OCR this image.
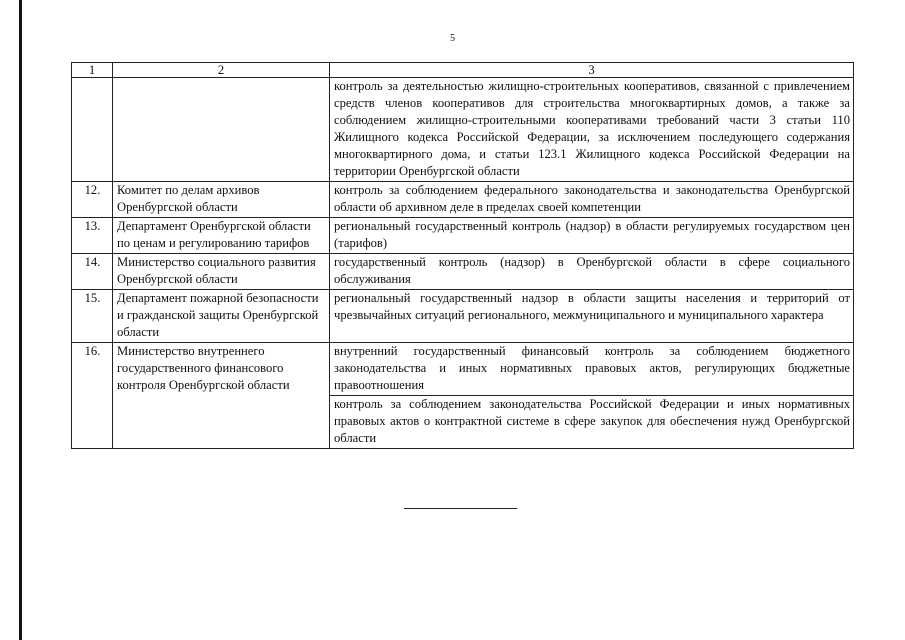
5
1	2	3
		контроль за деятельностью жилищно-строительных кооперативов, связанной с привлечением средств членов кооперативов для строительства многоквартирных домов, а также за соблюдением жилищно-строительными кооперативами требований части 3 статьи 110 Жилищного кодекса Российской Федерации, за исключением последующего содержания многоквартирного дома, и статьи 123.1 Жилищного кодекса Российской Федерации на территории Оренбургской области
12.	Комитет по делам архивов Оренбургской области	контроль за соблюдением федерального законодательства и законодательства Оренбургской области об архивном деле в пределах своей компетенции
13.	Департамент Оренбургской области по ценам и регулированию тарифов	региональный государственный контроль (надзор) в области регулируемых государством цен (тарифов)
14.	Министерство социального развития Оренбургской области	государственный контроль (надзор) в Оренбургской области в сфере социального обслуживания
15.	Департамент пожарной безопасности и гражданской защиты Оренбургской области	региональный государственный надзор в области защиты населения и территорий от чрезвычайных ситуаций регионального, межмуниципального и муниципального характера
16.	Министерство внутреннего государственного финансового контроля Оренбургской области	внутренний государственный финансовый контроль за соблюдением бюджетного законодательства и иных нормативных правовых актов, регулирующих бюджетные правоотношения
		контроль за соблюдением законодательства Российской Федерации и иных нормативных правовых актов о контрактной системе в сфере закупок для обеспечения нужд Оренбургской области
